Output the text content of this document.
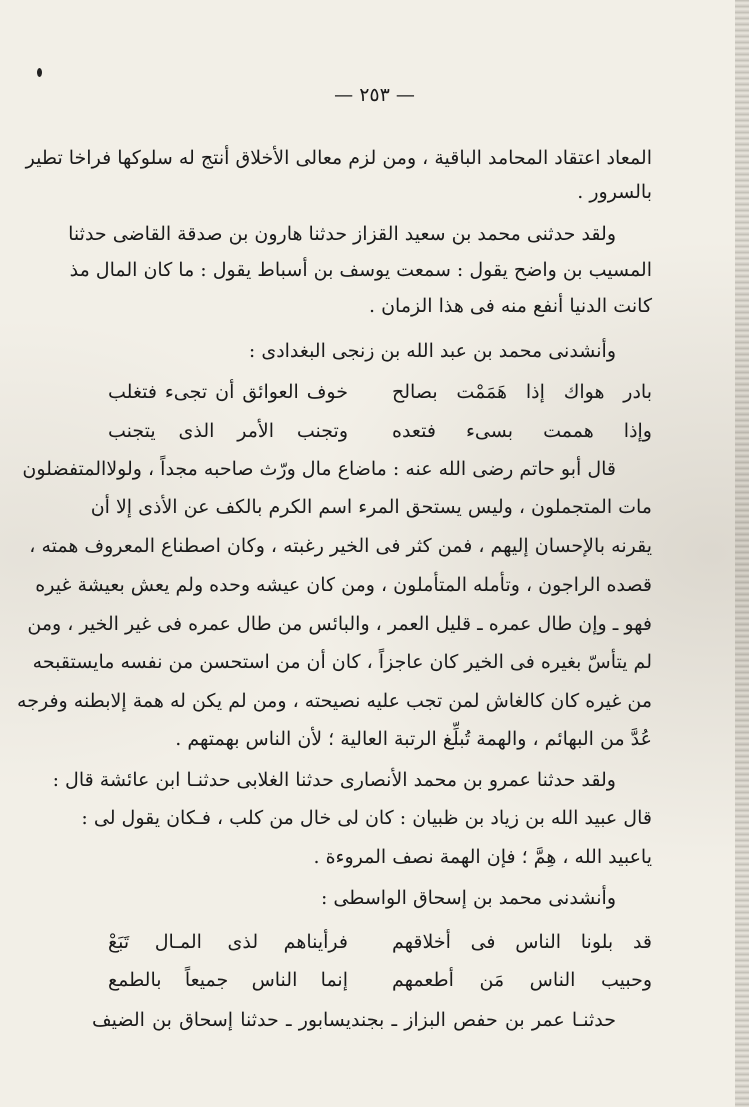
— ٢٥٣ —
المعاد اعتقاد المحامد الباقية ، ومن لزم معالى الأخلاق أنتج له سلوكها فراخا تطير
بالسرور .
ولقد حدثنى محمد بن سعيد القزاز حدثنا هارون بن صدقة القاضى حدثنا
المسيب بن واضح يقول : سمعت يوسف بن أسباط يقول : ما كان المال مذ
كانت الدنيا أنفع منه فى هذا الزمان .
وأنشدنى محمد بن عبد الله بن زنجى البغدادى :
بادر هواك إذا هَمَمْت بصالح
خوف العوائق أن تجىء فتغلب
وإذا هممت بسىء فتعده
وتجنب الأمر الذى يتجنب
قال أبو حاتم رضى الله عنه : ماضاع مال ورّث صاحبه مجداً ، ولولاالمتفضلون
مات المتجملون ، وليس يستحق المرء اسم الكرم بالكف عن الأذى إلا أن
يقرنه بالإحسان إليهم ، فمن كثر فى الخير رغبته ، وكان اصطناع المعروف همته ،
قصده الراجون ، وتأمله المتأملون ، ومن كان عيشه وحده ولم يعش بعيشة غيره
فهو ـ وإن طال عمره ـ قليل العمر ، والبائس من طال عمره فى غير الخير ، ومن
لم يتأسّ بغيره فى الخير كان عاجزاً ، كان أن من استحسن من نفسه مايستقبحه
من غيره كان كالغاش لمن تجب عليه نصيحته ، ومن لم يكن له همة إلابطنه وفرجه
عُدَّ من البهائم ، والهمة تُبلِّغ الرتبة العالية ؛ لأن الناس بهمتهم .
ولقد حدثنا عمرو بن محمد الأنصارى حدثنا الغلابى حدثنـا ابن عائشة قال :
قال عبيد الله بن زياد بن ظبيان : كان لى خال من كلب ، فـكان يقول لى :
ياعبيد الله ، هِمَّ ؛ فإن الهمة نصف المروءة .
وأنشدنى محمد بن إسحاق الواسطى :
قد بلونا الناس فى أخلاقهم
فرأيناهم لذى المـال تَبَعْ
وحبيب الناس مَن أطعمهم
إنما الناس جميعاً بالطمع
حدثنـا عمر بن حفص البزاز ـ بجنديسابور ـ حدثنا إسحاق بن الضيف
